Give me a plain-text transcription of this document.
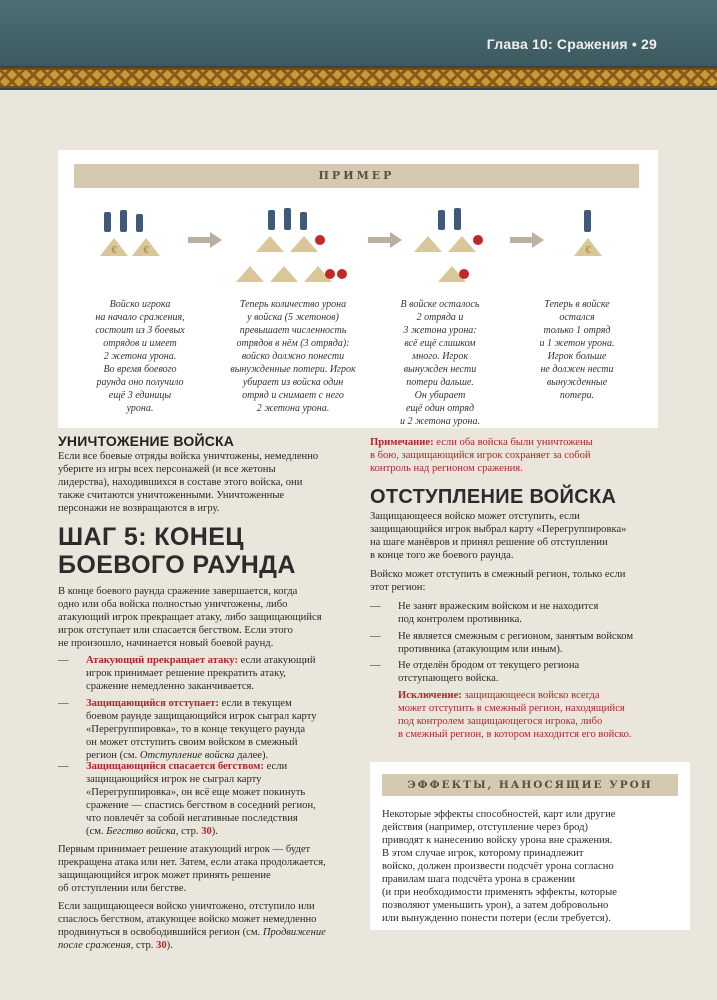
Глава 10: Сражения • 29
ПРИМЕР
€	€	€
Войско игрока
на начало сражения,
состоит из 3 боевых
отрядов и имеет
2 жетона урона.
Во время боевого
раунда оно получило
ещё 3 единицы
урона.
Теперь количество урона
у войска (5 жетонов)
превышает численность
отрядов в нём (3 отряда):
войско должно понести
вынужденные потери. Игрок
убирает из войска один
отряд и снимает с него
2 жетона урона.
В войске осталось
2 отряда и
3 жетона урона:
всё ещё слишком
много. Игрок
вынужден нести
потери дальше.
Он убирает
ещё один отряд
и 2 жетона урона.
Теперь в войске
остался
только 1 отряд
и 1 жетон урона.
Игрок больше
не должен нести
вынужденные
потери.
УНИЧТОЖЕНИЕ ВОЙСКА
Если все боевые отряды войска уничтожены, немедленно
уберите из игры всех персонажей (и все жетоны
лидерства), находившихся в составе этого войска, они
также считаются уничтоженными. Уничтоженные
персонажи не возвращаются в игру.
ШАГ 5: КОНЕЦ
БОЕВОГО РАУНДА
В конце боевого раунда сражение завершается, когда
одно или оба войска полностью уничтожены, либо
атакующий игрок прекращает атаку, либо защищающийся
игрок отступает или спасается бегством. Если этого
не произошло, начинается новый боевой раунд.
— Атакующий прекращает атаку: если атакующий
игрок принимает решение прекратить атаку,
сражение немедленно заканчивается.
— Защищающийся отступает: если в текущем
боевом раунде защищающийся игрок сыграл карту
«Перегруппировка», то в конце текущего раунда
он может отступить своим войском в смежный
регион (см. Отступление войска далее).
— Защищающийся спасается бегством: если
защищающийся игрок не сыграл карту
«Перегруппировка», он всё еще может покинуть
сражение — спастись бегством в соседний регион,
что повлечёт за собой негативные последствия
(см. Бегство войска, стр. 30).
Первым принимает решение атакующий игрок — будет
прекращена атака или нет. Затем, если атака продолжается,
защищающийся игрок может принять решение
об отступлении или бегстве.
Если защищающееся войско уничтожено, отступило или
спаслось бегством, атакующее войско может немедленно
продвинуться в освободившийся регион (см. Продвижение
после сражения, стр. 30).
Примечание: если оба войска были уничтожены
в бою, защищающийся игрок сохраняет за собой
контроль над регионом сражения.
ОТСТУПЛЕНИЕ ВОЙСКА
Защищающееся войско может отступить, если
защищающийся игрок выбрал карту «Перегруппировка»
на шаге манёвров и принял решение об отступлении
в конце того же боевого раунда.
Войско может отступить в смежный регион, только если
этот регион:
— Не занят вражеским войском и не находится
под контролем противника.
— Не является смежным с регионом, занятым войском
противника (атакующим или иным).
— Не отделён бродом от текущего региона
отступающего войска.
Исключение: защищающееся войско всегда
может отступить в смежный регион, находящийся
под контролем защищающегося игрока, либо
в смежный регион, в котором находится его войско.
ЭФФЕКТЫ, НАНОСЯЩИЕ УРОН
Некоторые эффекты способностей, карт или другие
действия (например, отступление через брод)
приводят к нанесению войску урона вне сражения.
В этом случае игрок, которому принадлежит
войско, должен произвести подсчёт урона согласно
правилам шага подсчёта урона в сражении
(и при необходимости применять эффекты, которые
позволяют уменьшить урон), а затем добровольно
или вынужденно понести потери (если требуется).
